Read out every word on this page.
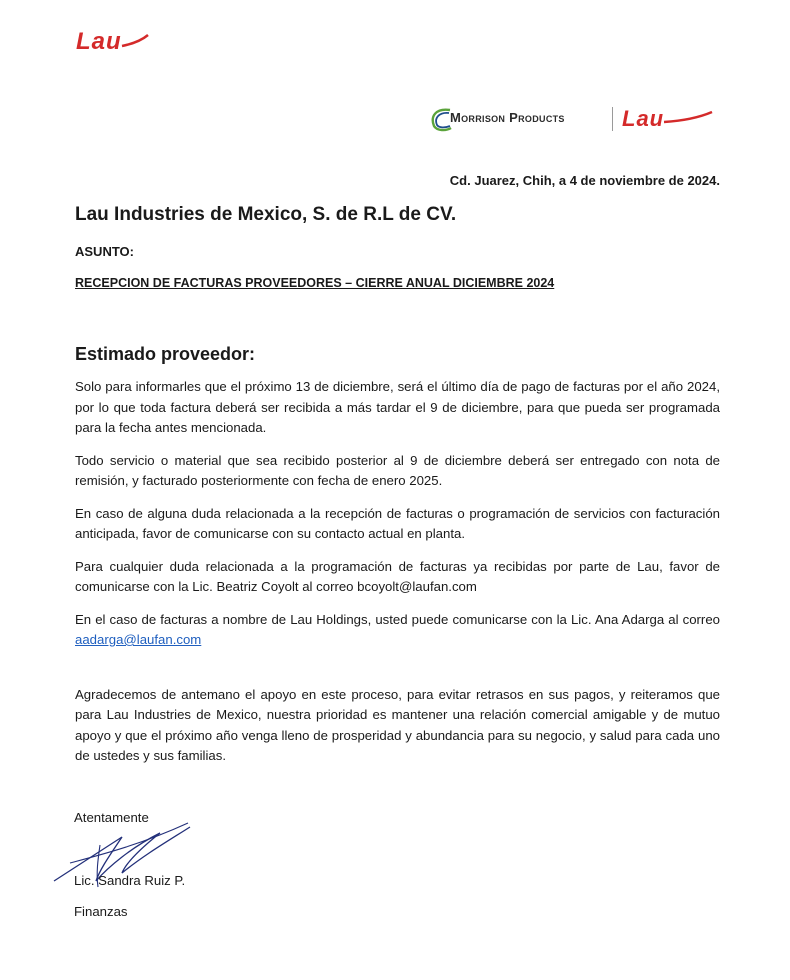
Lau
Morrison Products	Lau
Cd. Juarez, Chih, a 4 de noviembre de 2024.
Lau Industries de Mexico, S. de R.L de CV.
ASUNTO:
RECEPCION DE FACTURAS PROVEEDORES – CIERRE ANUAL DICIEMBRE 2024
Estimado proveedor:

Solo para informarles que el próximo 13 de diciembre, será el último día de pago de facturas por el año 2024, por lo que toda factura deberá ser recibida a más tardar el 9 de diciembre, para que pueda ser programada para la fecha antes mencionada.

Todo servicio o material que sea recibido posterior al 9 de diciembre deberá ser entregado con nota de remisión, y facturado posteriormente con fecha de enero 2025.

En caso de alguna duda relacionada a la recepción de facturas o programación de servicios con facturación anticipada, favor de comunicarse con su contacto actual en planta.

Para cualquier duda relacionada a la programación de facturas ya recibidas por parte de Lau, favor de comunicarse con la Lic. Beatriz Coyolt al correo bcoyolt@laufan.com

En el caso de facturas a nombre de Lau Holdings, usted puede comunicarse con la Lic. Ana Adarga al correo aadarga@laufan.com

Agradecemos de antemano el apoyo en este proceso, para evitar retrasos en sus pagos, y reiteramos que para Lau Industries de Mexico, nuestra prioridad es mantener una relación comercial amigable y de mutuo apoyo y que el próximo año venga lleno de prosperidad y abundancia para su negocio, y salud para cada uno de ustedes y sus familias.

Atentamente
Lic. Sandra Ruiz P.
Finanzas
